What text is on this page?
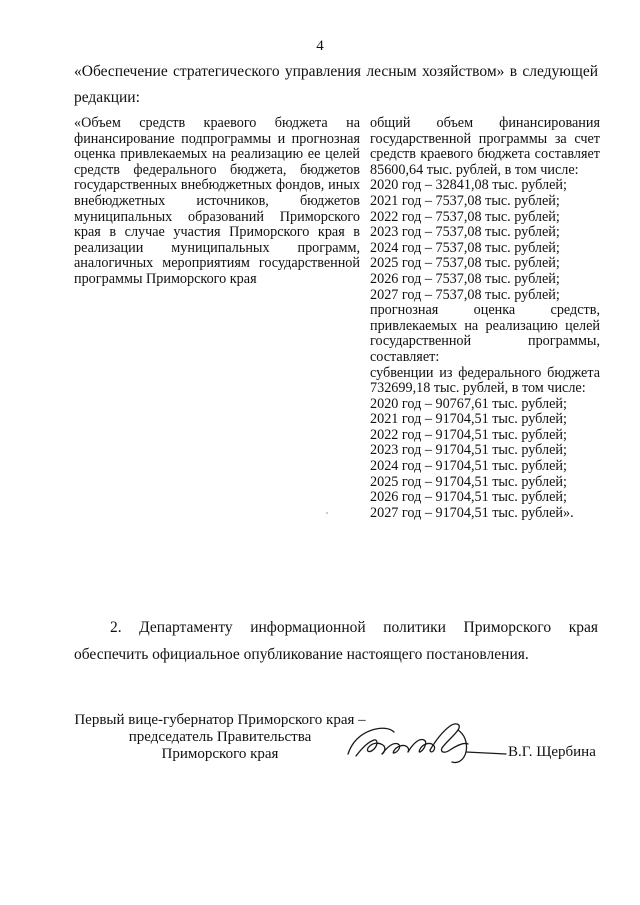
4
«Обеспечение стратегического управления лесным хозяйством» в следующей
редакции:
«Объем средств краевого бюджета на финансирование подпрограммы и прогнозная оценка привлекаемых на реализацию ее целей средств федерального бюджета, бюджетов государственных внебюджетных фондов, иных внебюджетных источников, бюджетов муниципальных образований Приморского края в случае участия Приморского края в реализации муниципальных программ, аналогичных мероприятиям государственной программы Приморского края
общий объем финансирования государственной программы за счет средств краевого бюджета составляет 85600,64 тыс. рублей, в том числе:
2020 год – 32841,08 тыс. рублей;
2021 год – 7537,08 тыс. рублей;
2022 год – 7537,08 тыс. рублей;
2023 год – 7537,08 тыс. рублей;
2024 год – 7537,08 тыс. рублей;
2025 год – 7537,08 тыс. рублей;
2026 год – 7537,08 тыс. рублей;
2027 год – 7537,08 тыс. рублей;
прогнозная оценка средств, привлекаемых на реализацию целей государственной программы, составляет:
субвенции из федерального бюджета 732699,18 тыс. рублей, в том числе:
2020 год – 90767,61 тыс. рублей;
2021 год – 91704,51 тыс. рублей;
2022 год – 91704,51 тыс. рублей;
2023 год – 91704,51 тыс. рублей;
2024 год – 91704,51 тыс. рублей;
2025 год – 91704,51 тыс. рублей;
2026 год – 91704,51 тыс. рублей;
2027 год – 91704,51 тыс. рублей».
2. Департаменту информационной политики Приморского края
обеспечить официальное опубликование настоящего постановления.
Первый вице-губернатор Приморского края –
председатель Правительства
Приморского края	В.Г. Щербина
